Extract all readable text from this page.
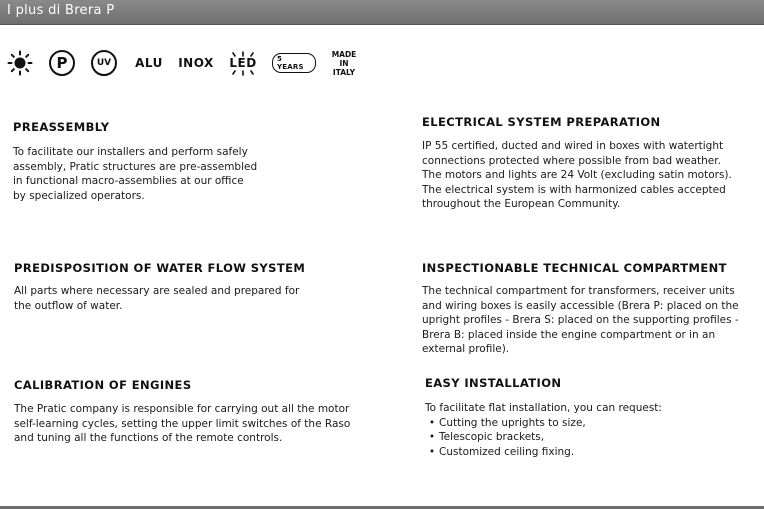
I plus di Brera P
P	UV	ALU INOX LED	5 YEARS
MADE
IN
ITALY
PREASSEMBLY

To facilitate our installers and perform safely
assembly, Pratic structures are pre-assembled
in functional macro-assemblies at our office
by specialized operators.

ELECTRICAL SYSTEM PREPARATION

IP 55 certified, ducted and wired in boxes with watertight
connections protected where possible from bad weather.
The motors and lights are 24 Volt (excluding satin motors).
The electrical system is with harmonized cables accepted
throughout the European Community.

PREDISPOSITION OF WATER FLOW SYSTEM

All parts where necessary are sealed and prepared for
the outflow of water.

INSPECTIONABLE TECHNICAL COMPARTMENT

The technical compartment for transformers, receiver units
and wiring boxes is easily accessible (Brera P: placed on the
upright profiles - Brera S: placed on the supporting profiles -
Brera B: placed inside the engine compartment or in an
external profile).

CALIBRATION OF ENGINES

The Pratic company is responsible for carrying out all the motor
self-learning cycles, setting the upper limit switches of the Raso
and tuning all the functions of the remote controls.

EASY INSTALLATION

To facilitate flat installation, you can request:

• Cutting the uprights to size,
• Telescopic brackets,
• Customized ceiling fixing.
